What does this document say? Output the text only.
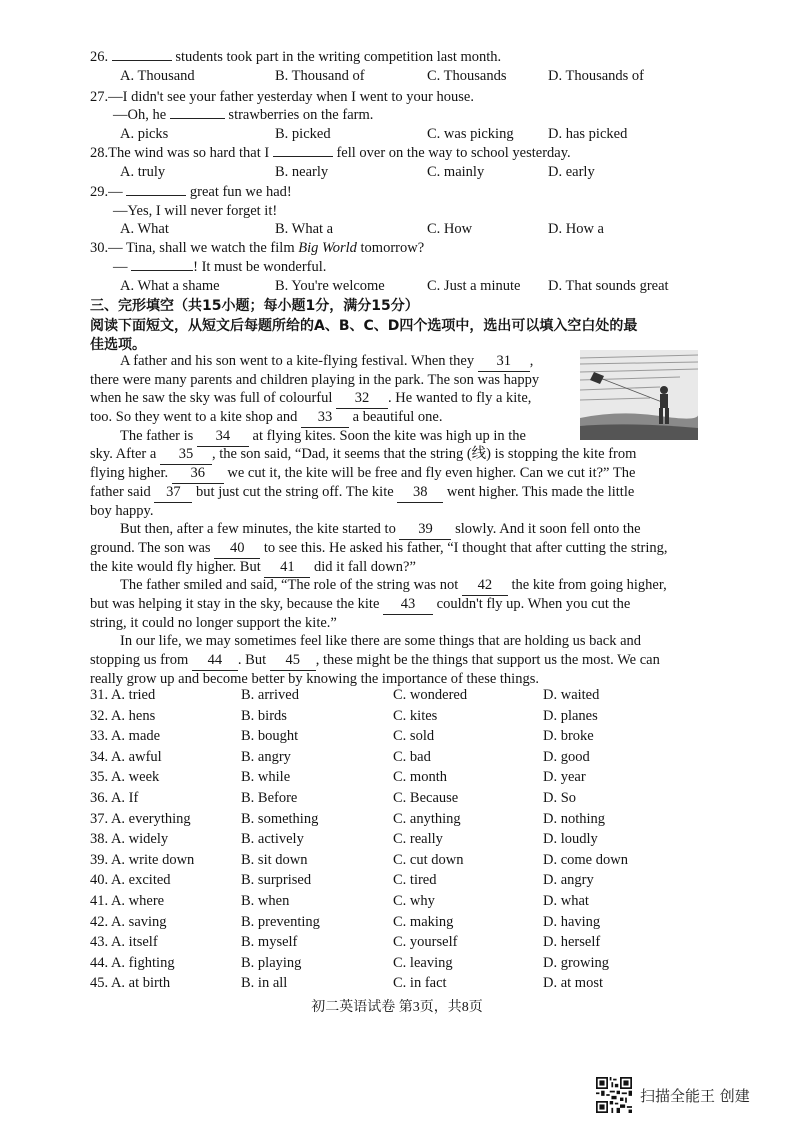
26.	students took part in the writing competition last month.
A. Thousand	B. Thousand of	C. Thousands	D. Thousands of
27.—I didn't see your father yesterday when I went to your house.
—Oh, he	strawberries on the farm.
A. picks	B. picked	C. was picking D. has picked
28.The wind was so hard that I	fell over on the way to school yesterday.
A. truly	B. nearly	C. mainly	D. early
29.—	great fun we had!
—Yes, I will never forget it!
A. What	B. What a	C. How	D. How a
30.— Tina, shall we watch the film Big World tomorrow?
—	! It must be wonderful.
A. What a shame	B. You're welcome	C. Just a minute D. That sounds great
三、完形填空（共15小题；每小题1分，满分15分）
阅读下面短文，从短文后每题所给的A、B、C、D四个选项中，选出可以填入空白处的最
佳选项。
A father and his son went to a kite-flying festival. When they 31 ,
there were many parents and children playing in the park. The son was happy
when he saw the sky was full of colourful 32 . He wanted to fly a kite,
too. So they went to a kite shop and 33 a beautiful one.
The father is 34 at flying kites. Soon the kite was high up in the
sky. After a 35 , the son said, “Dad, it seems that the string (线) is stopping the kite from
flying higher. 36 we cut it, the kite will be free and fly even higher. Can we cut it?” The
father said 37 but just cut the string off. The kite 38 went higher. This made the little
boy happy.
But then, after a few minutes, the kite started to 39 slowly. And it soon fell onto the
ground. The son was 40 to see this. He asked his father, “I thought that after cutting the string,
the kite would fly higher. But 41 did it fall down?”
The father smiled and said, “The role of the string was not 42 the kite from going higher,
but was helping it stay in the sky, because the kite 43 couldn't fly up. When you cut the
string, it could no longer support the kite.”
In our life, we may sometimes feel like there are some things that are holding us back and
stopping us from 44 . But 45 , these might be the things that support us the most. We can
really grow up and become better by knowing the importance of these things.
31. A. tried	B. arrived	C. wondered	D. waited
32. A. hens	B. birds	C. kites	D. planes
33. A. made	B. bought	C. sold	D. broke
34. A. awful	B. angry	C. bad	D. good
35. A. week	B. while	C. month	D. year
36. A. If	B. Before	C. Because	D. So
37. A. everything	B. something	C. anything	D. nothing
38. A. widely	B. actively	C. really	D. loudly
39. A. write down	B. sit down	C. cut down	D. come down
40. A. excited	B. surprised	C. tired	D. angry
41. A. where	B. when	C. why	D. what
42. A. saving	B. preventing	C. making	D. having
43. A. itself	B. myself	C. yourself	D. herself
44. A. fighting	B. playing	C. leaving	D. growing
45. A. at birth	B. in all	C. in fact	D. at most
初二英语试卷 第3页，共8页
扫描全能王 创建
